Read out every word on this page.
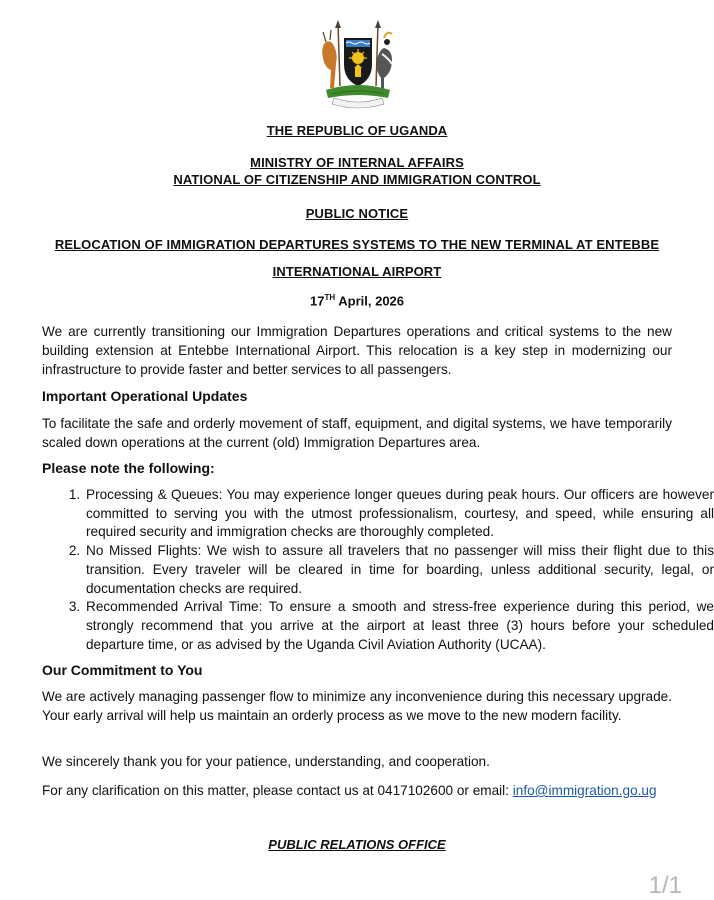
THE REPUBLIC OF UGANDA
MINISTRY OF INTERNAL AFFAIRS
NATIONAL OF CITIZENSHIP AND IMMIGRATION CONTROL
PUBLIC NOTICE
RELOCATION OF IMMIGRATION DEPARTURES SYSTEMS TO THE NEW TERMINAL AT ENTEBBE
INTERNATIONAL AIRPORT
17TH April, 2026

We are currently transitioning our Immigration Departures operations and critical systems to the new building extension at Entebbe International Airport. This relocation is a key step in modernizing our infrastructure to provide faster and better services to all passengers.

Important Operational Updates

To facilitate the safe and orderly movement of staff, equipment, and digital systems, we have temporarily scaled down operations at the current (old) Immigration Departures area.

Please note the following:
1. Processing & Queues: You may experience longer queues during peak hours. Our officers are however committed to serving you with the utmost professionalism, courtesy, and speed, while ensuring all required security and immigration checks are thoroughly completed.
2. No Missed Flights: We wish to assure all travelers that no passenger will miss their flight due to this transition. Every traveler will be cleared in time for boarding, unless additional security, legal, or documentation checks are required.
3. Recommended Arrival Time: To ensure a smooth and stress-free experience during this period, we strongly recommend that you arrive at the airport at least three (3) hours before your scheduled departure time, or as advised by the Uganda Civil Aviation Authority (UCAA).
Our Commitment to You

We are actively managing passenger flow to minimize any inconvenience during this necessary upgrade. Your early arrival will help us maintain an orderly process as we move to the new modern facility.

We sincerely thank you for your patience, understanding, and cooperation.

For any clarification on this matter, please contact us at 0417102600 or email: info@immigration.go.ug

PUBLIC RELATIONS OFFICE
1/1
